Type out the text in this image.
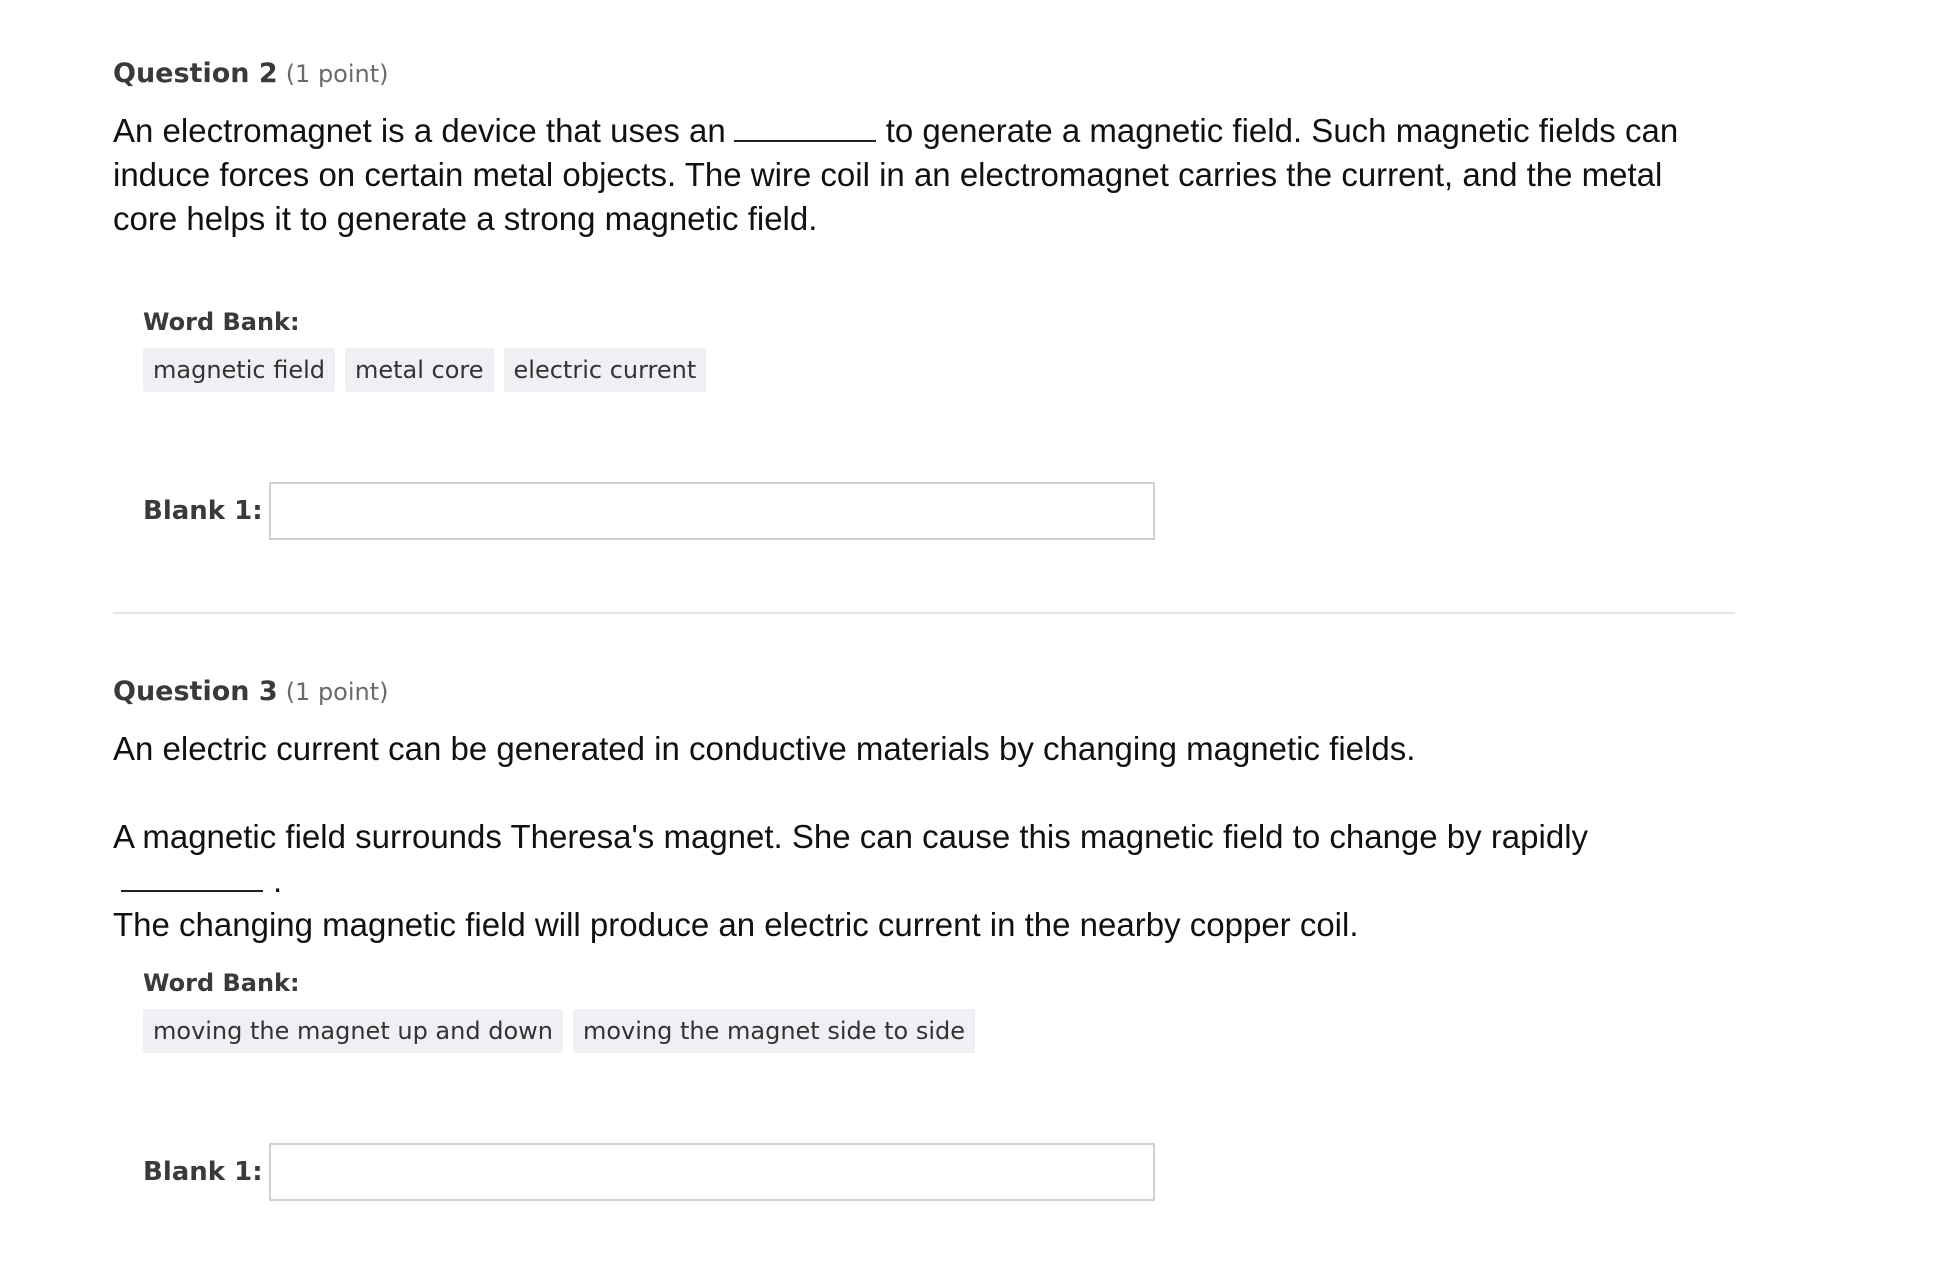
Question 2 (1 point)

An electromagnet is a device that uses an	to generate a magnetic field. Such magnetic fields can induce forces on certain metal objects. The wire coil in an electromagnet carries the current, and the metal core helps it to generate a strong magnetic field.

Word Bank:
magnetic field	metal core	electric current
Blank 1:
Question 3 (1 point)

An electric current can be generated in conductive materials by changing magnetic fields.

A magnetic field surrounds Theresa's magnet. She can cause this magnetic field to change by rapidly.
The changing magnetic field will produce an electric current in the nearby copper coil.

Word Bank:
moving the magnet up and down	moving the magnet side to side
Blank 1:
